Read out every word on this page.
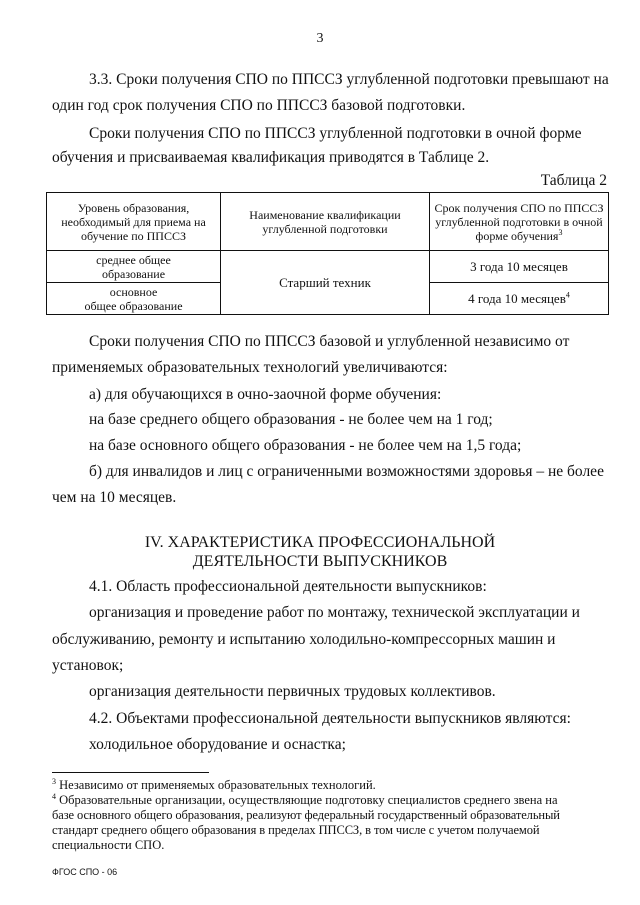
3
3.3. Сроки получения СПО по ППССЗ углубленной подготовки превышают на
один год срок получения СПО по ППССЗ базовой подготовки.
Сроки получения СПО по ППССЗ углубленной подготовки в очной форме
обучения и присваиваемая квалификация приводятся в Таблице 2.
Таблица 2
Уровень образования, необходимый для приема на обучение по ППССЗ	Наименование квалификации углубленной подготовки	Срок получения СПО по ППССЗ углубленной подготовки в очной форме обучения$^3$
среднее общее
образование	Старший техник	3 года 10 месяцев
основное
общее образование		4 года 10 месяцев$^4$
Сроки получения СПО по ППССЗ базовой и углубленной независимо от
применяемых образовательных технологий увеличиваются:
а) для обучающихся в очно-заочной форме обучения:
на базе среднего общего образования - не более чем на 1 год;
на базе основного общего образования - не более чем на 1,5 года;
б) для инвалидов и лиц с ограниченными возможностями здоровья – не более
чем на 10 месяцев.
IV. ХАРАКТЕРИСТИКА ПРОФЕССИОНАЛЬНОЙ
ДЕЯТЕЛЬНОСТИ ВЫПУСКНИКОВ
4.1. Область профессиональной деятельности выпускников:
организация и проведение работ по монтажу, технической эксплуатации и
обслуживанию, ремонту и испытанию холодильно-компрессорных машин и
установок;
организация деятельности первичных трудовых коллективов.
4.2. Объектами профессиональной деятельности выпускников являются:
холодильное оборудование и оснастка;
$^3$ Независимо от применяемых образовательных технологий.
$^4$ Образовательные организации, осуществляющие подготовку специалистов среднего звена на
базе основного общего образования, реализуют федеральный государственный образовательный
стандарт среднего общего образования в пределах ППССЗ, в том числе с учетом получаемой
специальности СПО.
ФГОС СПО - 06
